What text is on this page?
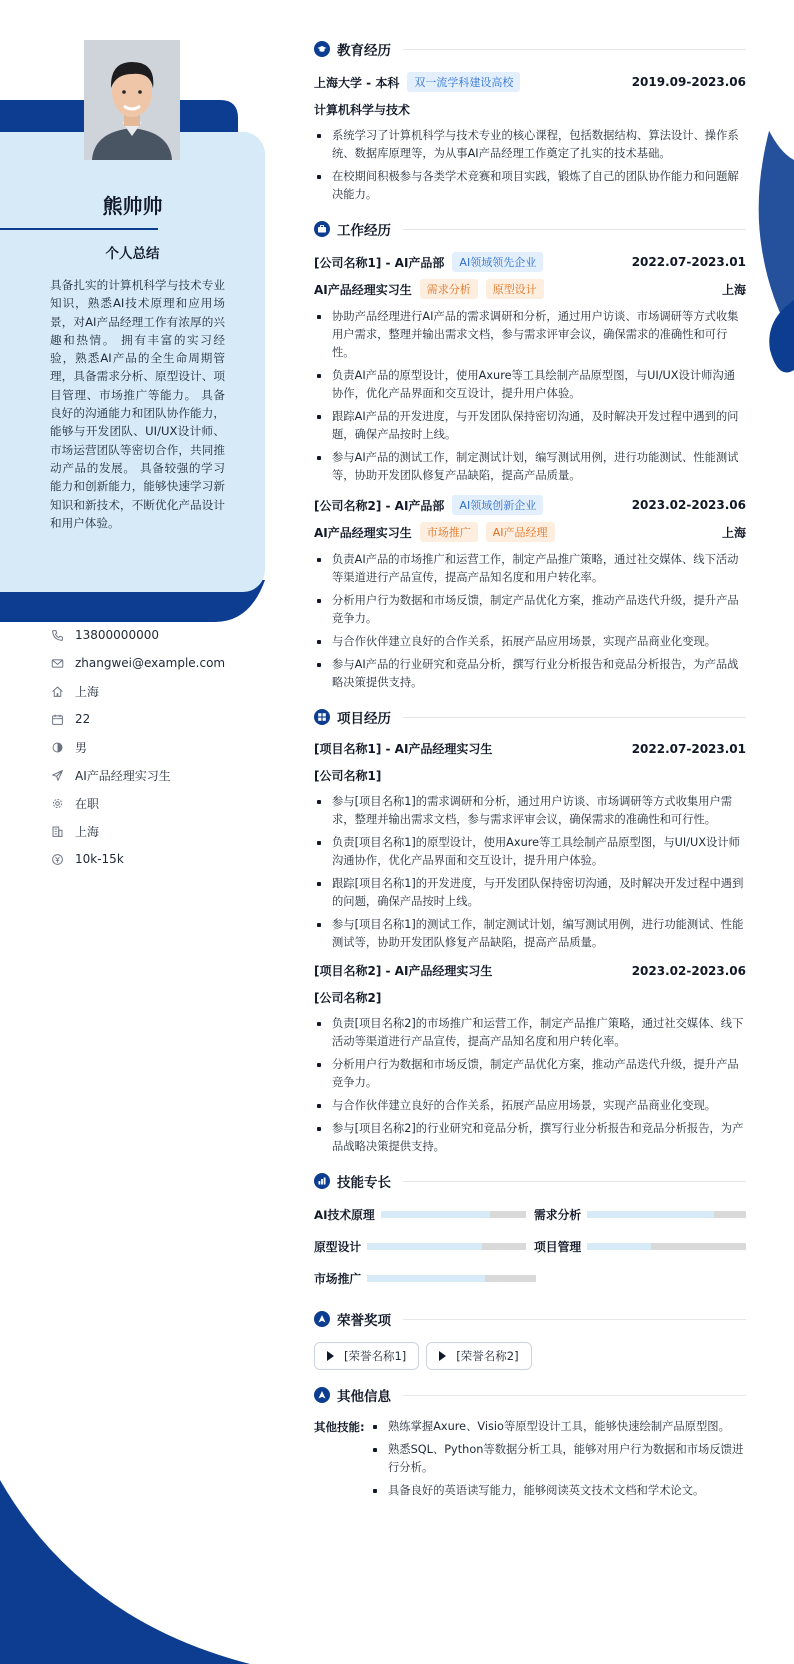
熊帅帅
个人总结
具备扎实的计算机科学与技术专业知识，熟悉AI技术原理和应用场景，对AI产品经理工作有浓厚的兴趣和热情。 拥有丰富的实习经验，熟悉AI产品的全生命周期管理，具备需求分析、原型设计、项目管理、市场推广等能力。 具备良好的沟通能力和团队协作能力，能够与开发团队、UI/UX设计师、市场运营团队等密切合作，共同推动产品的发展。 具备较强的学习能力和创新能力，能够快速学习新知识和新技术，不断优化产品设计和用户体验。
13800000000
zhangwei@example.com
上海
22
男
AI产品经理实习生
在职
上海
10k-15k
教育经历
上海大学 - 本科	双一流学科建设高校	2019.09-2023.06
计算机科学与技术
系统学习了计算机科学与技术专业的核心课程，包括数据结构、算法设计、操作系统、数据库原理等，为从事AI产品经理工作奠定了扎实的技术基础。
在校期间积极参与各类学术竞赛和项目实践，锻炼了自己的团队协作能力和问题解决能力。
工作经历
[公司名称1] - AI产品部	AI领域领先企业	2022.07-2023.01
AI产品经理实习生	需求分析	原型设计	上海
协助产品经理进行AI产品的需求调研和分析，通过用户访谈、市场调研等方式收集用户需求，整理并输出需求文档，参与需求评审会议，确保需求的准确性和可行性。
负责AI产品的原型设计，使用Axure等工具绘制产品原型图，与UI/UX设计师沟通协作，优化产品界面和交互设计，提升用户体验。
跟踪AI产品的开发进度，与开发团队保持密切沟通，及时解决开发过程中遇到的问题，确保产品按时上线。
参与AI产品的测试工作，制定测试计划，编写测试用例，进行功能测试、性能测试等，协助开发团队修复产品缺陷，提高产品质量。
[公司名称2] - AI产品部	AI领域创新企业	2023.02-2023.06
AI产品经理实习生	市场推广	AI产品经理	上海
负责AI产品的市场推广和运营工作，制定产品推广策略，通过社交媒体、线下活动等渠道进行产品宣传，提高产品知名度和用户转化率。
分析用户行为数据和市场反馈，制定产品优化方案，推动产品迭代升级，提升产品竞争力。
与合作伙伴建立良好的合作关系，拓展产品应用场景，实现产品商业化变现。
参与AI产品的行业研究和竞品分析，撰写行业分析报告和竞品分析报告，为产品战略决策提供支持。
项目经历
[项目名称1] - AI产品经理实习生	2022.07-2023.01
[公司名称1]
参与[项目名称1]的需求调研和分析，通过用户访谈、市场调研等方式收集用户需求，整理并输出需求文档，参与需求评审会议，确保需求的准确性和可行性。
负责[项目名称1]的原型设计，使用Axure等工具绘制产品原型图，与UI/UX设计师沟通协作，优化产品界面和交互设计，提升用户体验。
跟踪[项目名称1]的开发进度，与开发团队保持密切沟通，及时解决开发过程中遇到的问题，确保产品按时上线。
参与[项目名称1]的测试工作，制定测试计划，编写测试用例，进行功能测试、性能测试等，协助开发团队修复产品缺陷，提高产品质量。
[项目名称2] - AI产品经理实习生	2023.02-2023.06
[公司名称2]
负责[项目名称2]的市场推广和运营工作，制定产品推广策略，通过社交媒体、线下活动等渠道进行产品宣传，提高产品知名度和用户转化率。
分析用户行为数据和市场反馈，制定产品优化方案，推动产品迭代升级，提升产品竞争力。
与合作伙伴建立良好的合作关系，拓展产品应用场景，实现产品商业化变现。
参与[项目名称2]的行业研究和竞品分析，撰写行业分析报告和竞品分析报告，为产品战略决策提供支持。
技能专长
AI技术原理	需求分析
原型设计	项目管理
市场推广
荣誉奖项
[荣誉名称1]	[荣誉名称2]
其他信息
其他技能:	熟练掌握Axure、Visio等原型设计工具，能够快速绘制产品原型图。
熟悉SQL、Python等数据分析工具，能够对用户行为数据和市场反馈进行分析。
具备良好的英语读写能力，能够阅读英文技术文档和学术论文。
